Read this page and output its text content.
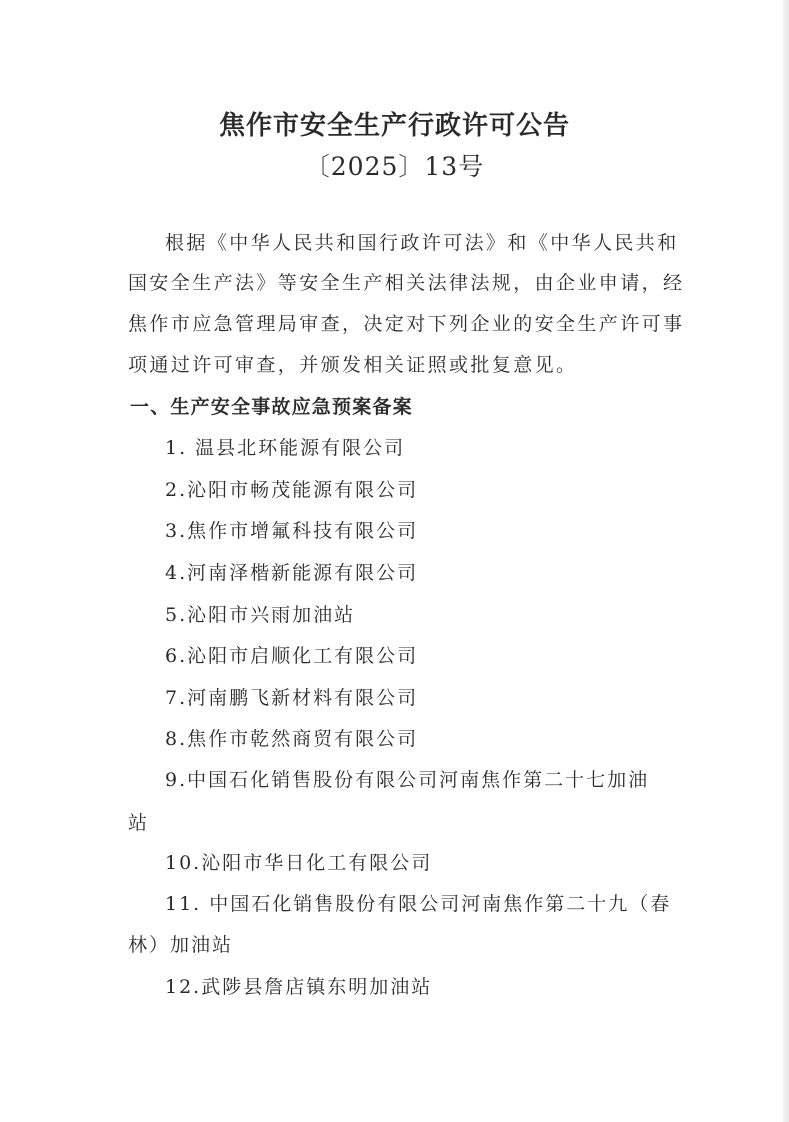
焦作市安全生产行政许可公告
〔2025〕13号
根据《中华人民共和国行政许可法》和《中华人民共和
国安全生产法》等安全生产相关法律法规，由企业申请，经
焦作市应急管理局审查，决定对下列企业的安全生产许可事
项通过许可审查，并颁发相关证照或批复意见。
一、生产安全事故应急预案备案
1. 温县北环能源有限公司
2.沁阳市畅茂能源有限公司
3.焦作市增氟科技有限公司
4.河南泽楷新能源有限公司
5.沁阳市兴雨加油站
6.沁阳市启顺化工有限公司
7.河南鹏飞新材料有限公司
8.焦作市乾然商贸有限公司
9.中国石化销售股份有限公司河南焦作第二十七加油
站
10.沁阳市华日化工有限公司
11. 中国石化销售股份有限公司河南焦作第二十九（春
林）加油站
12.武陟县詹店镇东明加油站
